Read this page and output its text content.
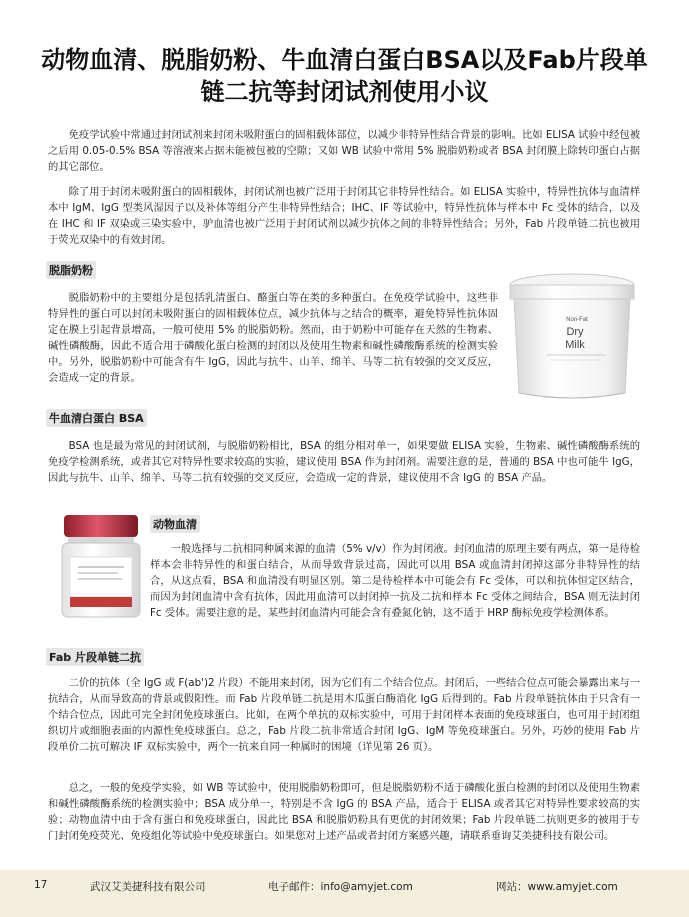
动物血清、脱脂奶粉、牛血清白蛋白BSA以及Fab片段单
链二抗等封闭试剂使用小议

免疫学试验中常通过封闭试剂来封闭未吸附蛋白的固相载体部位，以减少非特异性结合背景的影响。比如 ELISA 试验中经包被之后用 0.05-0.5% BSA 等溶液来占据未能被包被的空隙；又如 WB 试验中常用 5% 脱脂奶粉或者 BSA 封闭膜上除转印蛋白占据的其它部位。

除了用于封闭未吸附蛋白的固相载体，封闭试剂也被广泛用于封闭其它非特异性结合。如 ELISA 实验中，特异性抗体与血清样本中 IgM、IgG 型类风湿因子以及补体等组分产生非特异性结合；IHC、IF 等试验中，特异性抗体与样本中 Fc 受体的结合，以及在 IHC 和 IF 双染或三染实验中，驴血清也被广泛用于封闭试剂以减少抗体之间的非特异性结合；另外，Fab 片段单链二抗也被用于荧光双染中的有效封闭。

脱脂奶粉

脱脂奶粉中的主要组分是包括乳清蛋白、酪蛋白等在类的多种蛋白。在免疫学试验中，这些非特异性的蛋白可以封闭未吸附蛋白的固相载体位点，减少抗体与之结合的概率，避免特异性抗体固定在膜上引起背景增高，一般可使用 5% 的脱脂奶粉。然而，由于奶粉中可能存在天然的生物素、碱性磷酸酶，因此不适合用于磷酸化蛋白检测的封闭以及使用生物素和碱性磷酸酶系统的检测实验中。另外，脱脂奶粉中可能含有牛 IgG，因此与抗牛、山羊、绵羊、马等二抗有较强的交叉反应，会造成一定的背景。

Non-Fat
Dry
Milk
牛血清白蛋白 BSA

BSA 也是最为常见的封闭试剂，与脱脂奶粉相比，BSA 的组分相对单一，如果要做 ELISA 实验，生物素、碱性磷酸酶系统的免疫学检测系统，或者其它对特异性要求较高的实验，建议使用 BSA 作为封闭剂。需要注意的是，普通的 BSA 中也可能牛 IgG，因此与抗牛、山羊、绵羊、马等二抗有较强的交叉反应，会造成一定的背景，建议使用不含 IgG 的 BSA 产品。

动物血清

一般选择与二抗相同种属来源的血清（5% v/v）作为封闭液。封闭血清的原理主要有两点，第一是待检样本会非特异性的和蛋白结合，从而导致背景过高，因此可以用 BSA 或血清封闭掉这部分非特异性的结合，从这点看，BSA 和血清没有明显区别。第二是待检样本中可能会有 Fc 受体，可以和抗体恒定区结合，而因为封闭血清中含有抗体，因此用血清可以封闭掉一抗及二抗和样本 Fc 受体之间结合，BSA 则无法封闭 Fc 受体。需要注意的是，某些封闭血清内可能会含有叠氮化钠，这不适于 HRP 酶标免疫学检测体系。

Fab 片段单链二抗

二价的抗体（全 IgG 或 F(ab')2 片段）不能用来封闭，因为它们有二个结合位点。封闭后，一些结合位点可能会暴露出来与一抗结合，从而导致高的背景或假阳性。而 Fab 片段单链二抗是用木瓜蛋白酶消化 IgG 后得到的。Fab 片段单链抗体由于只含有一个结合位点，因此可完全封闭免疫球蛋白。比如，在两个单抗的双标实验中，可用于封闭样本表面的免疫球蛋白，也可用于封闭组织切片或细胞表面的内源性免疫球蛋白。总之，Fab 片段二抗非常适合封闭 IgG、IgM 等免疫球蛋白。另外，巧妙的使用 Fab 片段单价二抗可解决 IF 双标实验中，两个一抗来自同一种属时的困境（详见第 26 页）。

总之，一般的免疫学实验，如 WB 等试验中，使用脱脂奶粉即可，但是脱脂奶粉不适于磷酸化蛋白检测的封闭以及使用生物素和碱性磷酸酶系统的检测实验中；BSA 成分单一，特别是不含 IgG 的 BSA 产品，适合于 ELISA 或者其它对特异性要求较高的实验；动物血清中由于含有蛋白和免疫球蛋白，因此比 BSA 和脱脂奶粉具有更优的封闭效果；Fab 片段单链二抗则更多的被用于专门封闭免疫荧光、免疫组化等试验中免疫球蛋白。如果您对上述产品或者封闭方案感兴趣，请联系垂询艾美捷科技有限公司。

17	武汉艾美捷科技有限公司	电子邮件：info@amyjet.com	网站：www.amyjet.com
